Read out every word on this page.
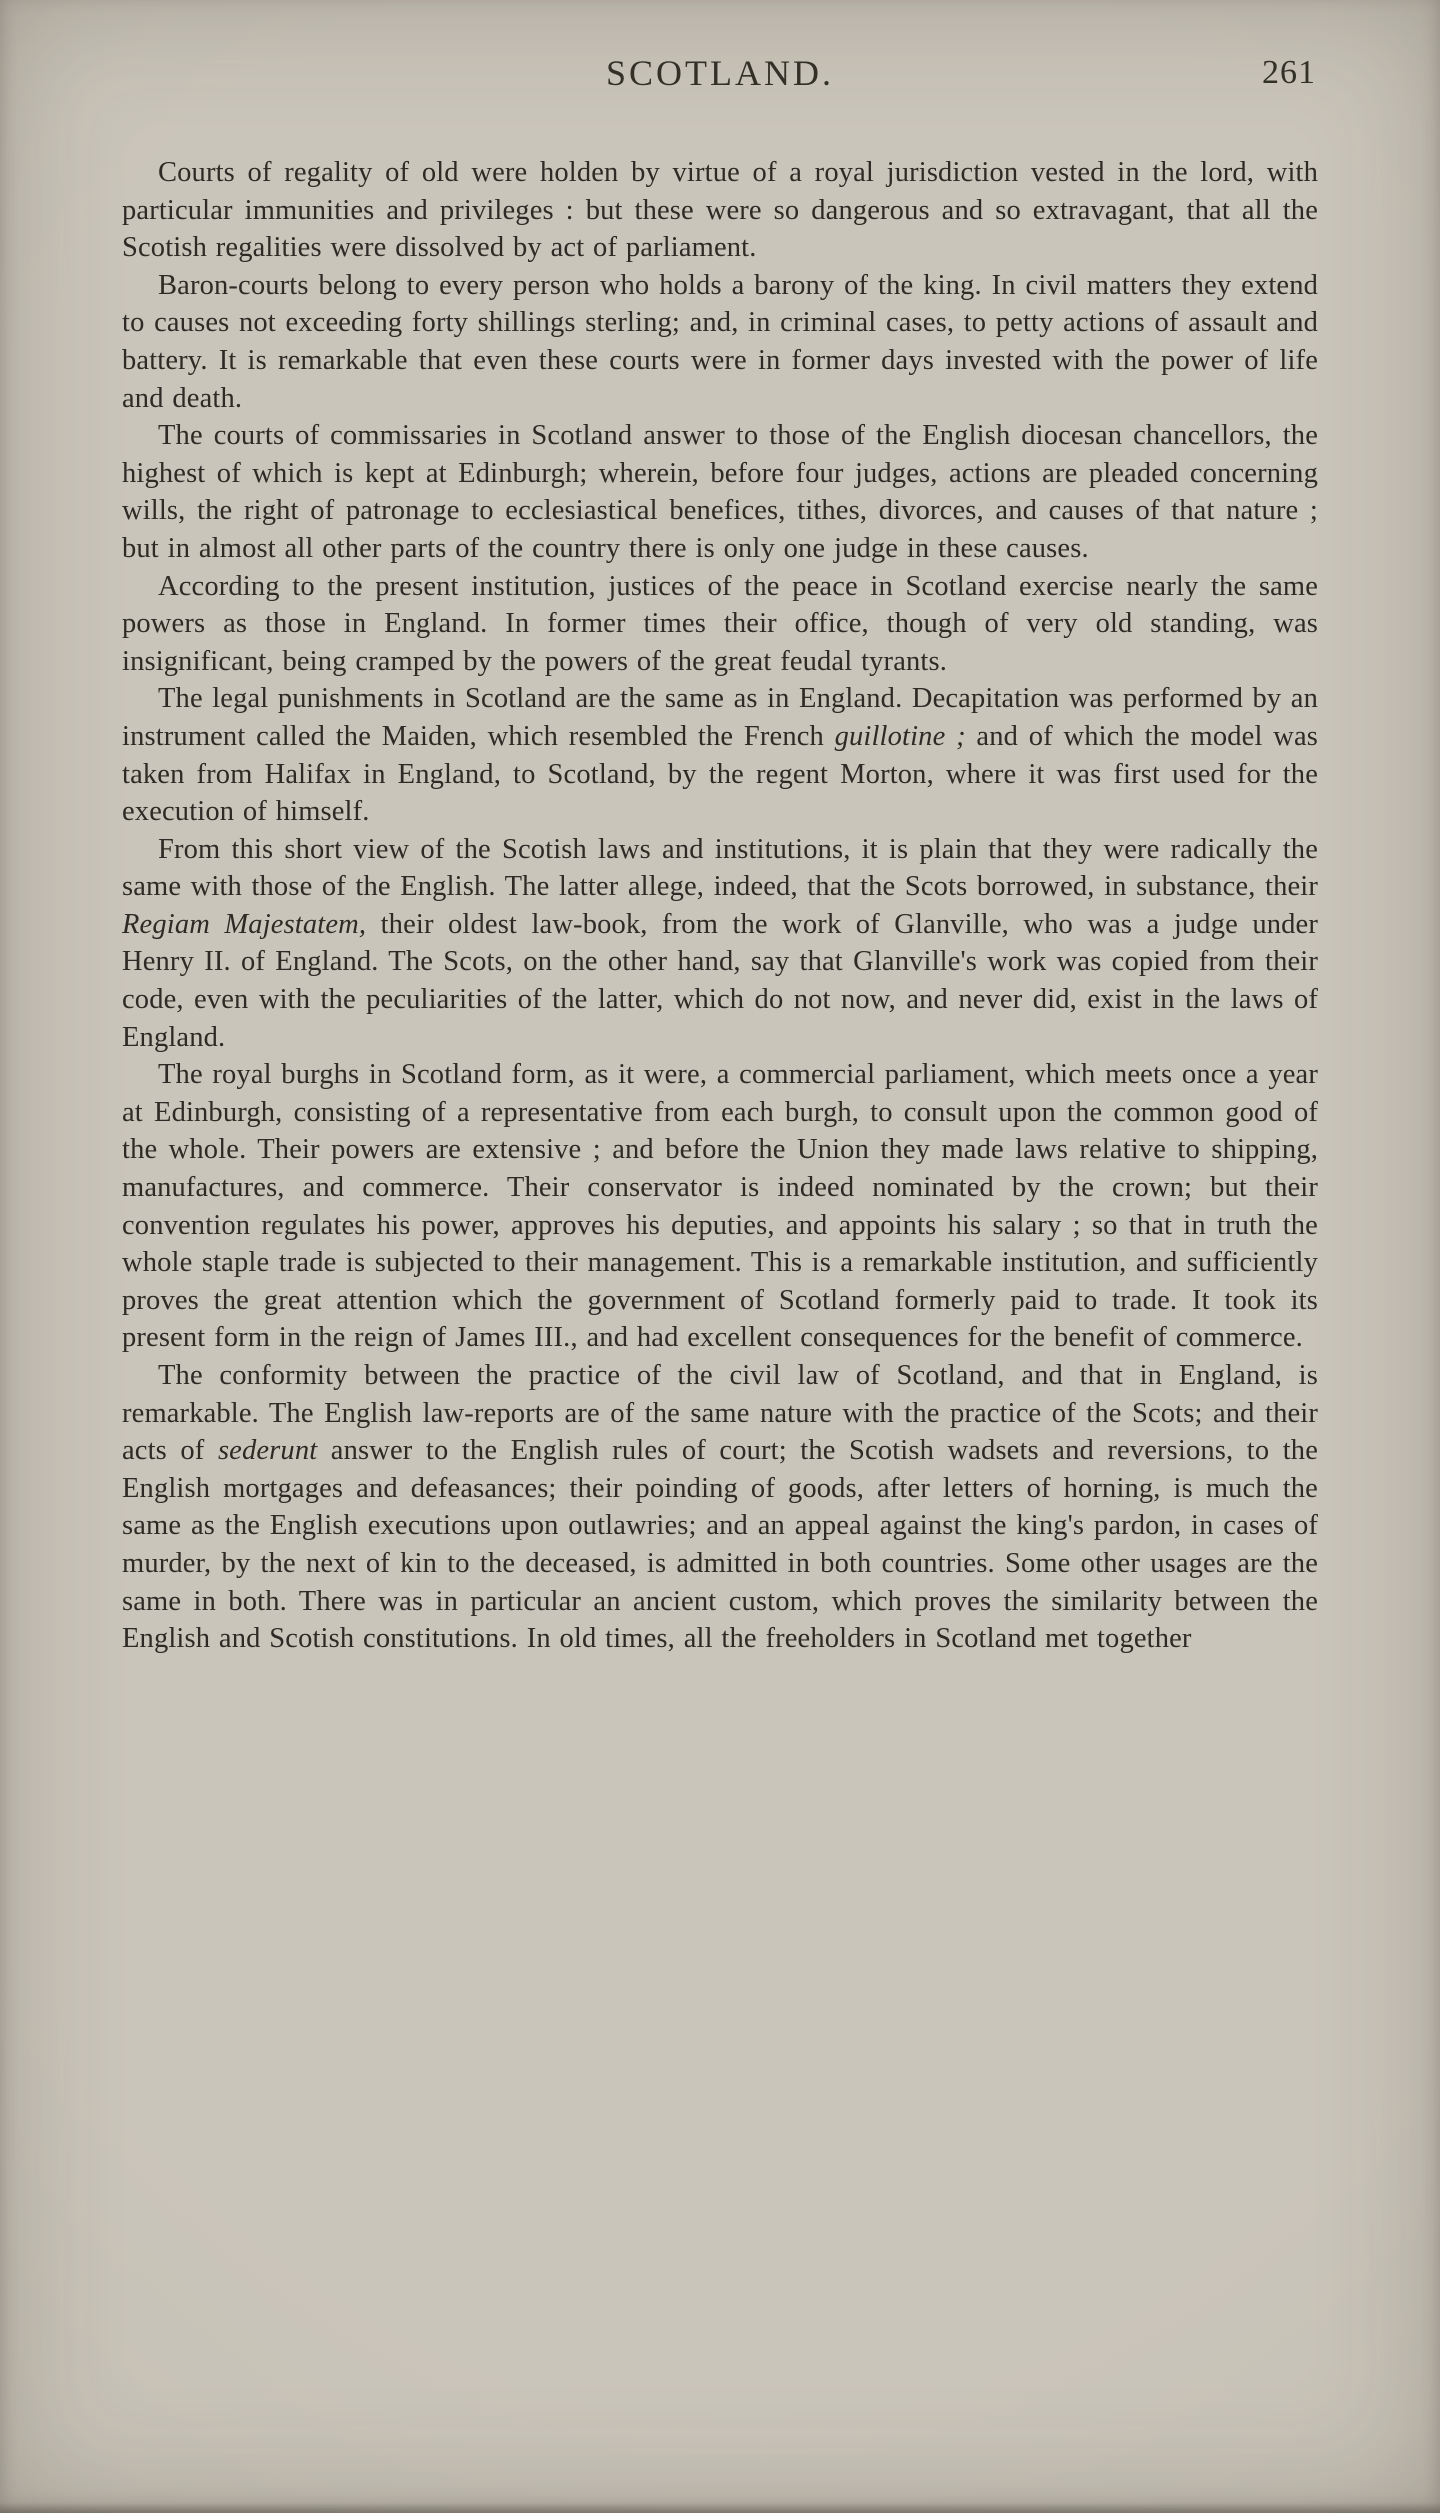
SCOTLAND.	261

Courts of regality of old were holden by virtue of a royal jurisdiction vested in the lord, with particular immunities and privileges : but these were so dangerous and so extravagant, that all the Scotish regalities were dissolved by act of parliament.

Baron-courts belong to every person who holds a barony of the king. In civil matters they extend to causes not exceeding forty shillings sterling; and, in criminal cases, to petty actions of assault and battery. It is remarkable that even these courts were in former days invested with the power of life and death.

The courts of commissaries in Scotland answer to those of the English diocesan chancellors, the highest of which is kept at Edinburgh; wherein, before four judges, actions are pleaded concerning wills, the right of patronage to ecclesiastical benefices, tithes, divorces, and causes of that nature ; but in almost all other parts of the country there is only one judge in these causes.

According to the present institution, justices of the peace in Scotland exercise nearly the same powers as those in England. In former times their office, though of very old standing, was insignificant, being cramped by the powers of the great feudal tyrants.

The legal punishments in Scotland are the same as in England. Decapitation was performed by an instrument called the Maiden, which resembled the French guillotine ; and of which the model was taken from Halifax in England, to Scotland, by the regent Morton, where it was first used for the execution of himself.

From this short view of the Scotish laws and institutions, it is plain that they were radically the same with those of the English. The latter allege, indeed, that the Scots borrowed, in substance, their Regiam Majestatem, their oldest law-book, from the work of Glanville, who was a judge under Henry II. of England. The Scots, on the other hand, say that Glanville's work was copied from their code, even with the peculiarities of the latter, which do not now, and never did, exist in the laws of England.

The royal burghs in Scotland form, as it were, a commercial parliament, which meets once a year at Edinburgh, consisting of a representative from each burgh, to consult upon the common good of the whole. Their powers are extensive ; and before the Union they made laws relative to shipping, manufactures, and commerce. Their conservator is indeed nominated by the crown; but their convention regulates his power, approves his deputies, and appoints his salary ; so that in truth the whole staple trade is subjected to their management. This is a remarkable institution, and sufficiently proves the great attention which the government of Scotland formerly paid to trade. It took its present form in the reign of James III., and had excellent consequences for the benefit of commerce.

The conformity between the practice of the civil law of Scotland, and that in England, is remarkable. The English law-reports are of the same nature with the practice of the Scots; and their acts of sederunt answer to the English rules of court; the Scotish wadsets and reversions, to the English mortgages and defeasances; their poinding of goods, after letters of horning, is much the same as the English executions upon outlawries; and an appeal against the king's pardon, in cases of murder, by the next of kin to the deceased, is admitted in both countries. Some other usages are the same in both. There was in particular an ancient custom, which proves the similarity between the English and Scotish constitutions. In old times, all the freeholders in Scotland met together
